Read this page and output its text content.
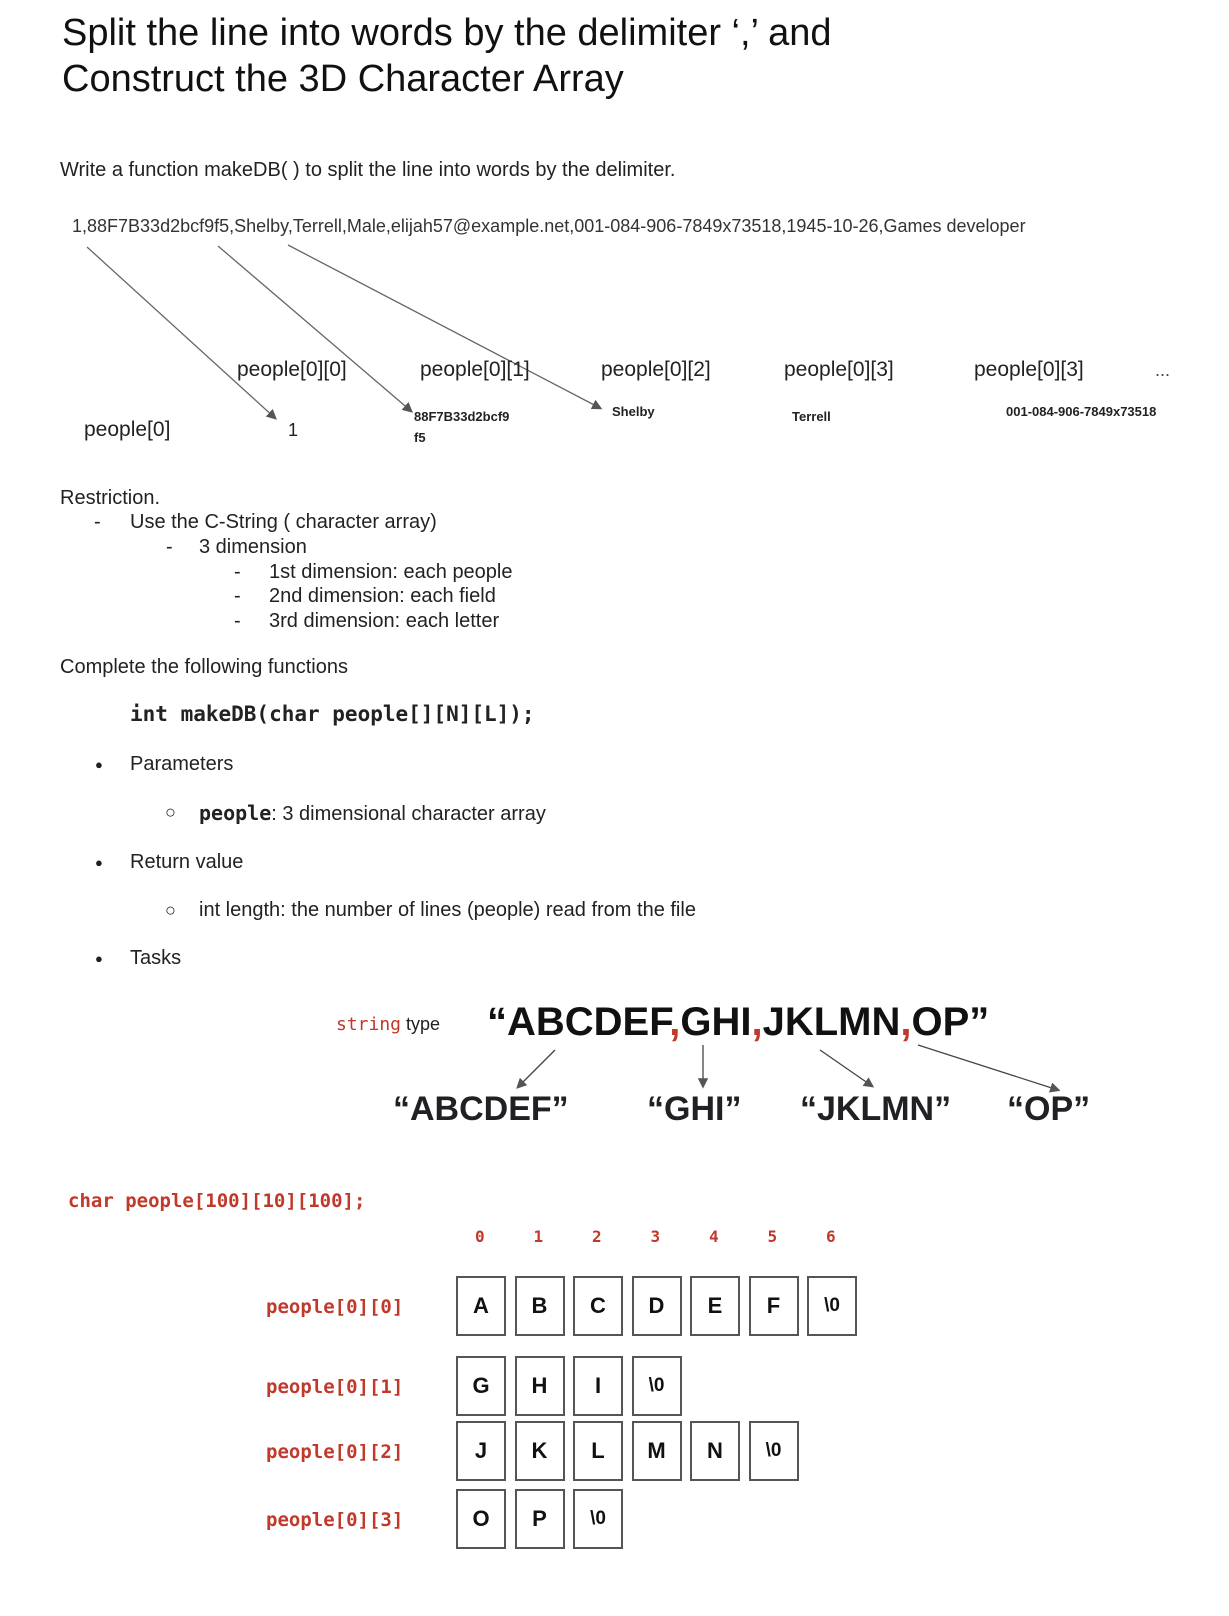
Split the line into words by the delimiter ‘,’ and
Construct the 3D Character Array
Write a function makeDB( ) to split the line into words by the delimiter.
1,88F7B33d2bcf9f5,Shelby,Terrell,Male,elijah57@example.net,001-084-906-7849x73518,1945-10-26,Games developer
people[0][0]	people[0][1]	people[0][2]	people[0][3]	people[0][3]	...
people[0]	1
88F7B33d2bcf9
f5
Shelby	Terrell	001-084-906-7849x73518
Restriction.
- Use the C-String ( character array)
- 3 dimension
- 1st dimension: each people
- 2nd dimension: each field
- 3rd dimension: each letter
Complete the following functions
int makeDB(char people[][N][L]);
● Parameters
○ people: 3 dimensional character array
● Return value
○ int length: the number of lines (people) read from the file
● Tasks
string type “ABCDEF,GHI,JKLMN,OP”
“ABCDEF” “GHI” “JKLMN” “OP”
char people[100][10][100];
0	1	2	3	4	5	6
people[0][0]	A	B	C	D	E	F	\0
people[0][1]	G	H	I	\0
people[0][2]	J	K	L	M	N	\0
people[0][3]	O	P	\0
